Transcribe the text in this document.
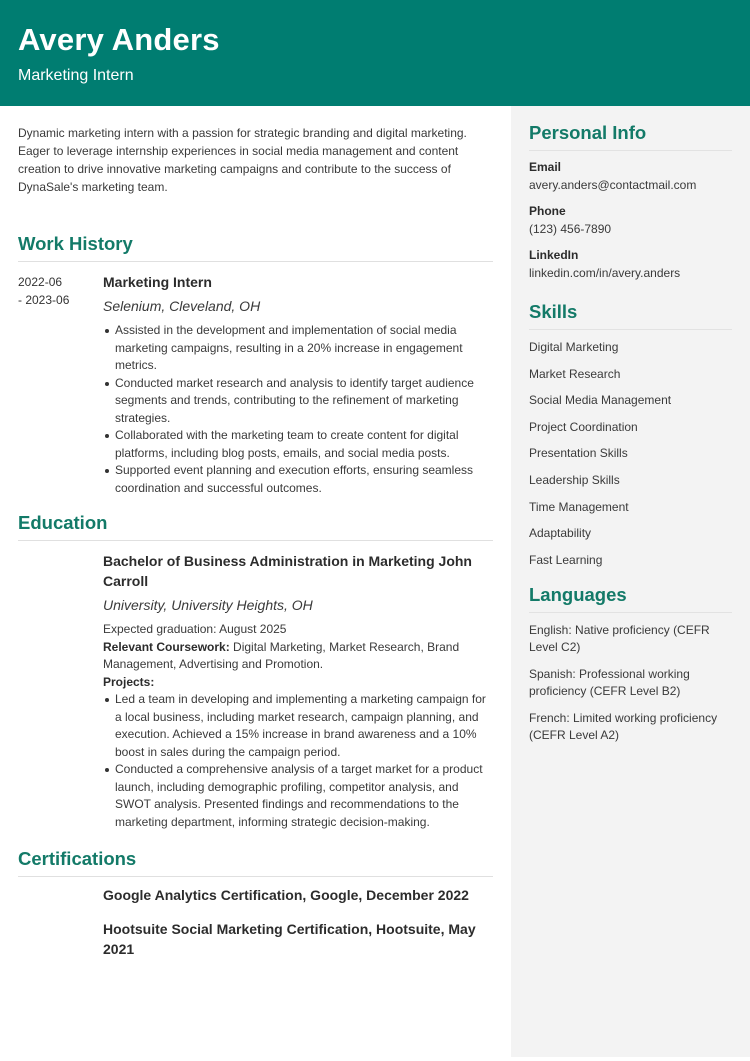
Avery Anders
Marketing Intern
Personal Info
Email
avery.anders@contactmail.com
Phone
(123) 456-7890
LinkedIn
linkedin.com/in/avery.anders
Skills
Digital Marketing
Market Research
Social Media Management
Project Coordination
Presentation Skills
Leadership Skills
Time Management
Adaptability
Fast Learning
Languages
English: Native proficiency (CEFR Level C2)
Spanish: Professional working proficiency (CEFR Level B2)
French: Limited working proficiency (CEFR Level A2)
Dynamic marketing intern with a passion for strategic branding and digital marketing. Eager to leverage internship experiences in social media management and content creation to drive innovative marketing campaigns and contribute to the success of DynaSale's marketing team.
Work History
2022-06
- 2023-06
Marketing Intern
Selenium, Cleveland, OH
Assisted in the development and implementation of social media marketing campaigns, resulting in a 20% increase in engagement metrics.
Conducted market research and analysis to identify target audience segments and trends, contributing to the refinement of marketing strategies.
Collaborated with the marketing team to create content for digital platforms, including blog posts, emails, and social media posts.
Supported event planning and execution efforts, ensuring seamless coordination and successful outcomes.
Education
Bachelor of Business Administration in Marketing John Carroll
University, University Heights, OH
Expected graduation: August 2025
Relevant Coursework: Digital Marketing, Market Research, Brand Management, Advertising and Promotion.
Projects:
Led a team in developing and implementing a marketing campaign for a local business, including market research, campaign planning, and execution. Achieved a 15% increase in brand awareness and a 10% boost in sales during the campaign period.
Conducted a comprehensive analysis of a target market for a product launch, including demographic profiling, competitor analysis, and SWOT analysis. Presented findings and recommendations to the marketing department, informing strategic decision-making.
Certifications
Google Analytics Certification, Google, December 2022
Hootsuite Social Marketing Certification, Hootsuite, May 2021
